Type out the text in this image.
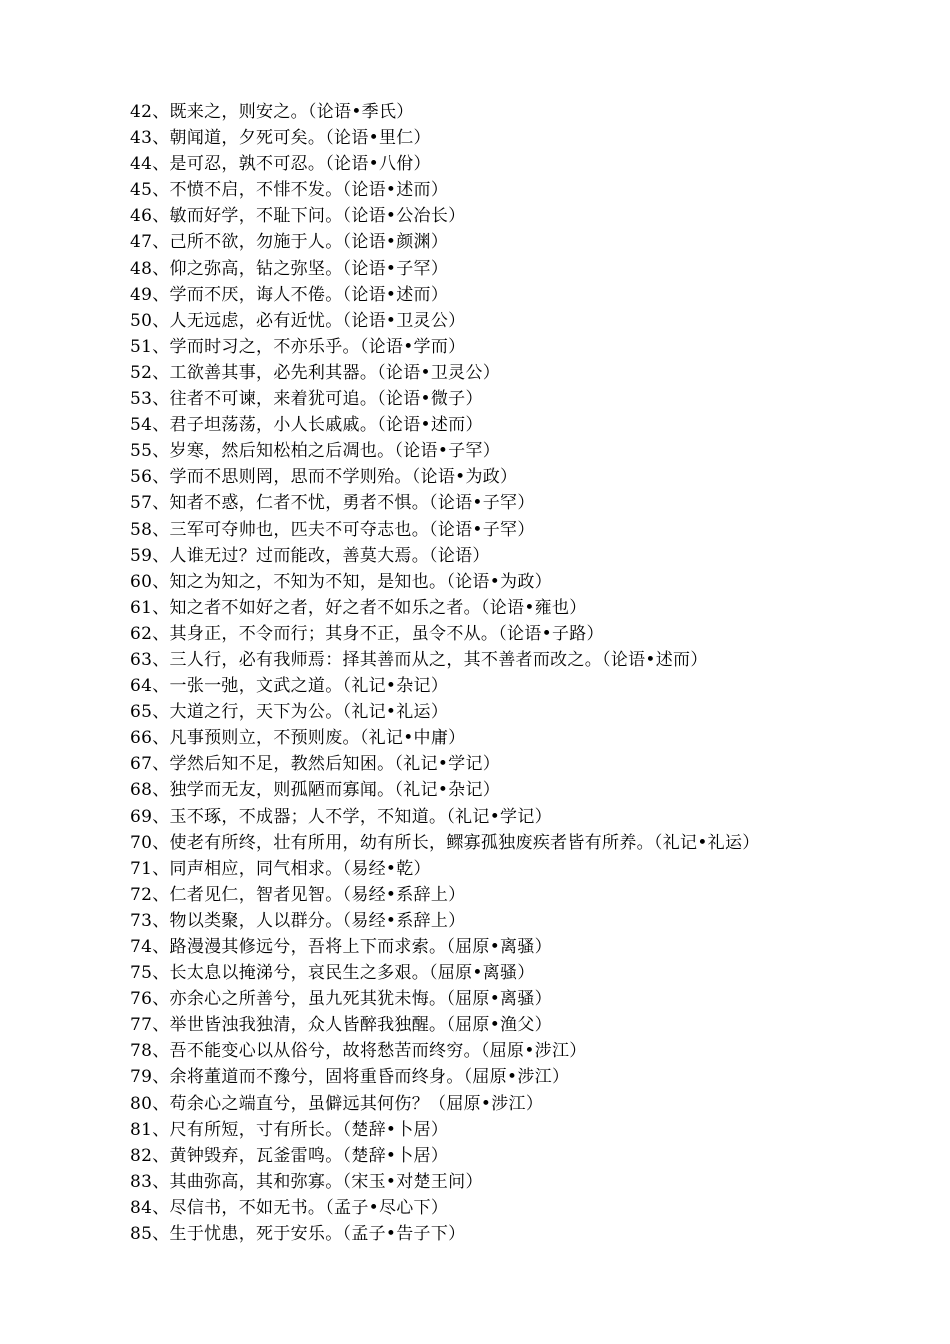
42、既来之，则安之。（论语•季氏）
43、朝闻道，夕死可矣。（论语•里仁）
44、是可忍，孰不可忍。（论语•八佾）
45、不愤不启，不悱不发。（论语•述而）
46、敏而好学，不耻下问。（论语•公冶长）
47、己所不欲，勿施于人。（论语•颜渊）
48、仰之弥高，钻之弥坚。（论语•子罕）
49、学而不厌，诲人不倦。（论语•述而）
50、人无远虑，必有近忧。（论语•卫灵公）
51、学而时习之，不亦乐乎。（论语•学而）
52、工欲善其事，必先利其器。（论语•卫灵公）
53、往者不可谏，来着犹可追。（论语•微子）
54、君子坦荡荡，小人长戚戚。（论语•述而）
55、岁寒，然后知松柏之后凋也。（论语•子罕）
56、学而不思则罔，思而不学则殆。（论语•为政）
57、知者不惑，仁者不忧，勇者不惧。（论语•子罕）
58、三军可夺帅也，匹夫不可夺志也。（论语•子罕）
59、人谁无过？过而能改，善莫大焉。（论语）
60、知之为知之，不知为不知，是知也。（论语•为政）
61、知之者不如好之者，好之者不如乐之者。（论语•雍也）
62、其身正，不令而行；其身不正，虽令不从。（论语•子路）
63、三人行，必有我师焉：择其善而从之，其不善者而改之。（论语•述而）
64、一张一弛，文武之道。（礼记•杂记）
65、大道之行，天下为公。（礼记•礼运）
66、凡事预则立，不预则废。（礼记•中庸）
67、学然后知不足，教然后知困。（礼记•学记）
68、独学而无友，则孤陋而寡闻。（礼记•杂记）
69、玉不琢，不成器；人不学，不知道。（礼记•学记）
70、使老有所终，壮有所用，幼有所长，鳏寡孤独废疾者皆有所养。（礼记•礼运）
71、同声相应，同气相求。（易经•乾）
72、仁者见仁，智者见智。（易经•系辞上）
73、物以类聚，人以群分。（易经•系辞上）
74、路漫漫其修远兮，吾将上下而求索。（屈原•离骚）
75、长太息以掩涕兮，哀民生之多艰。（屈原•离骚）
76、亦余心之所善兮，虽九死其犹未悔。（屈原•离骚）
77、举世皆浊我独清，众人皆醉我独醒。（屈原•渔父）
78、吾不能变心以从俗兮，故将愁苦而终穷。（屈原•涉江）
79、余将董道而不豫兮，固将重昏而终身。（屈原•涉江）
80、苟余心之端直兮，虽僻远其何伤？（屈原•涉江）
81、尺有所短，寸有所长。（楚辞•卜居）
82、黄钟毁弃，瓦釜雷鸣。（楚辞•卜居）
83、其曲弥高，其和弥寡。（宋玉•对楚王问）
84、尽信书，不如无书。（孟子•尽心下）
85、生于忧患，死于安乐。（孟子•告子下）
